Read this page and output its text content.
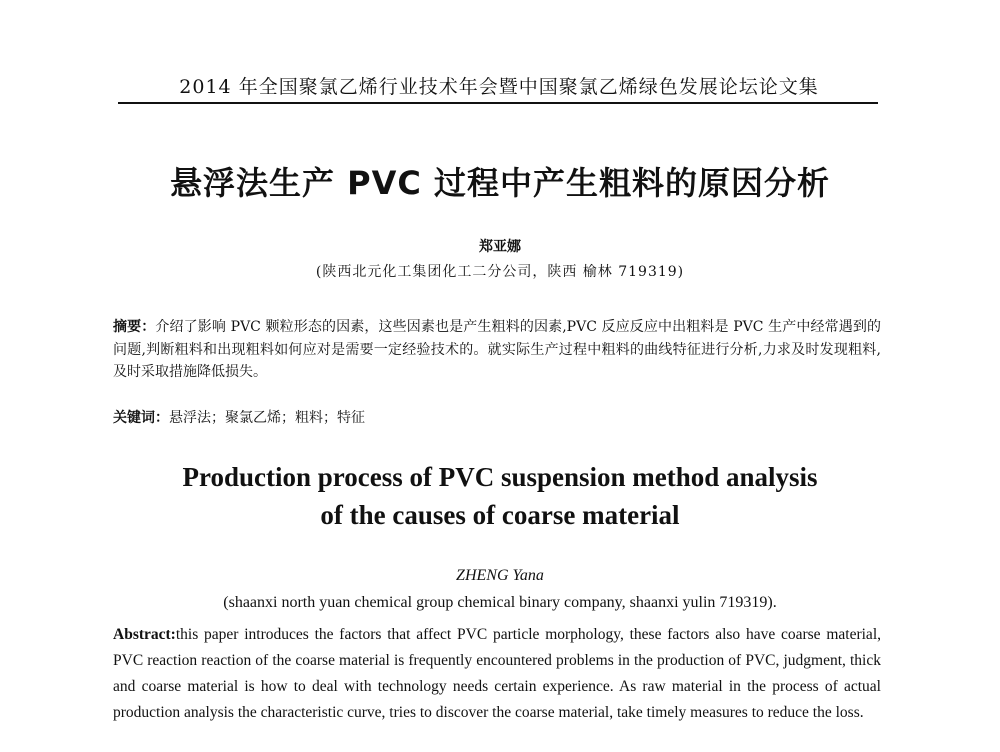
2014 年全国聚氯乙烯行业技术年会暨中国聚氯乙烯绿色发展论坛论文集
悬浮法生产 PVC 过程中产生粗料的原因分析
郑亚娜
(陕西北元化工集团化工二分公司，陕西 榆林 719319)
摘要：介绍了影响 PVC 颗粒形态的因素，这些因素也是产生粗料的因素,PVC 反应反应中出粗料是 PVC 生产中经常遇到的问题,判断粗料和出现粗料如何应对是需要一定经验技术的。就实际生产过程中粗料的曲线特征进行分析,力求及时发现粗料,及时采取措施降低损失。
关键词：悬浮法；聚氯乙烯；粗料；特征
Production process of PVC suspension method analysis
of the causes of coarse material
ZHENG Yana
(shaanxi north yuan chemical group chemical binary company, shaanxi yulin 719319).
Abstract:this paper introduces the factors that affect PVC particle morphology, these factors also have coarse material, PVC reaction reaction of the coarse material is frequently encountered problems in the production of PVC, judgment, thick and coarse material is how to deal with technology needs certain experience. As raw material in the process of actual production analysis the characteristic curve, tries to discover the coarse material, take timely measures to reduce the loss.
